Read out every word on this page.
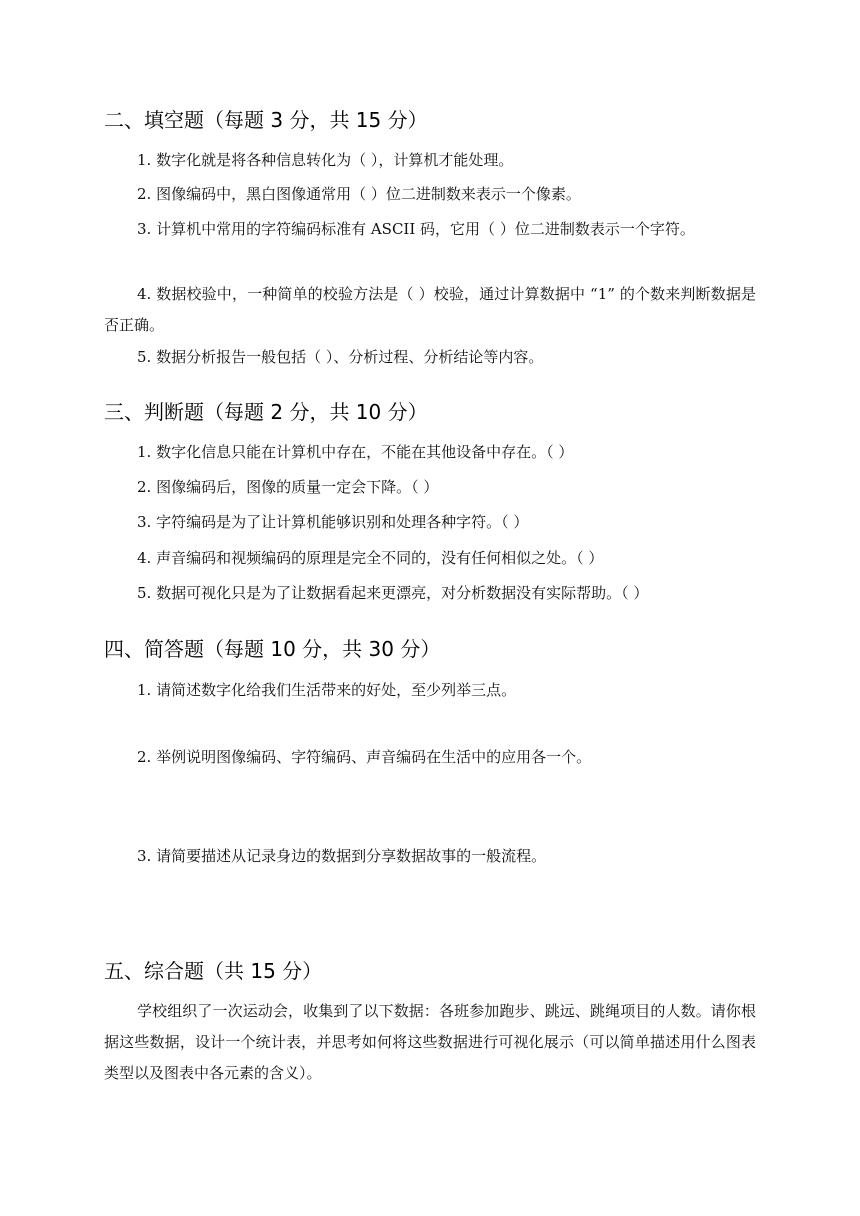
二、填空题（每题 3 分，共 15 分）
1. 数字化就是将各种信息转化为（ ），计算机才能处理。
2. 图像编码中，黑白图像通常用（ ）位二进制数来表示一个像素。
3. 计算机中常用的字符编码标准有 ASCII 码，它用（ ）位二进制数表示一个字符。
4. 数据校验中，一种简单的校验方法是（ ）校验，通过计算数据中 “1” 的个数来判断数据是否正确。
5. 数据分析报告一般包括（ ）、分析过程、分析结论等内容。
三、判断题（每题 2 分，共 10 分）
1. 数字化信息只能在计算机中存在，不能在其他设备中存在。（ ）
2. 图像编码后，图像的质量一定会下降。（ ）
3. 字符编码是为了让计算机能够识别和处理各种字符。（ ）
4. 声音编码和视频编码的原理是完全不同的，没有任何相似之处。（ ）
5. 数据可视化只是为了让数据看起来更漂亮，对分析数据没有实际帮助。（ ）
四、简答题（每题 10 分，共 30 分）
1. 请简述数字化给我们生活带来的好处，至少列举三点。
2. 举例说明图像编码、字符编码、声音编码在生活中的应用各一个。
3. 请简要描述从记录身边的数据到分享数据故事的一般流程。
五、综合题（共 15 分）
学校组织了一次运动会，收集到了以下数据：各班参加跑步、跳远、跳绳项目的人数。请你根据这些数据，设计一个统计表，并思考如何将这些数据进行可视化展示（可以简单描述用什么图表类型以及图表中各元素的含义）。
